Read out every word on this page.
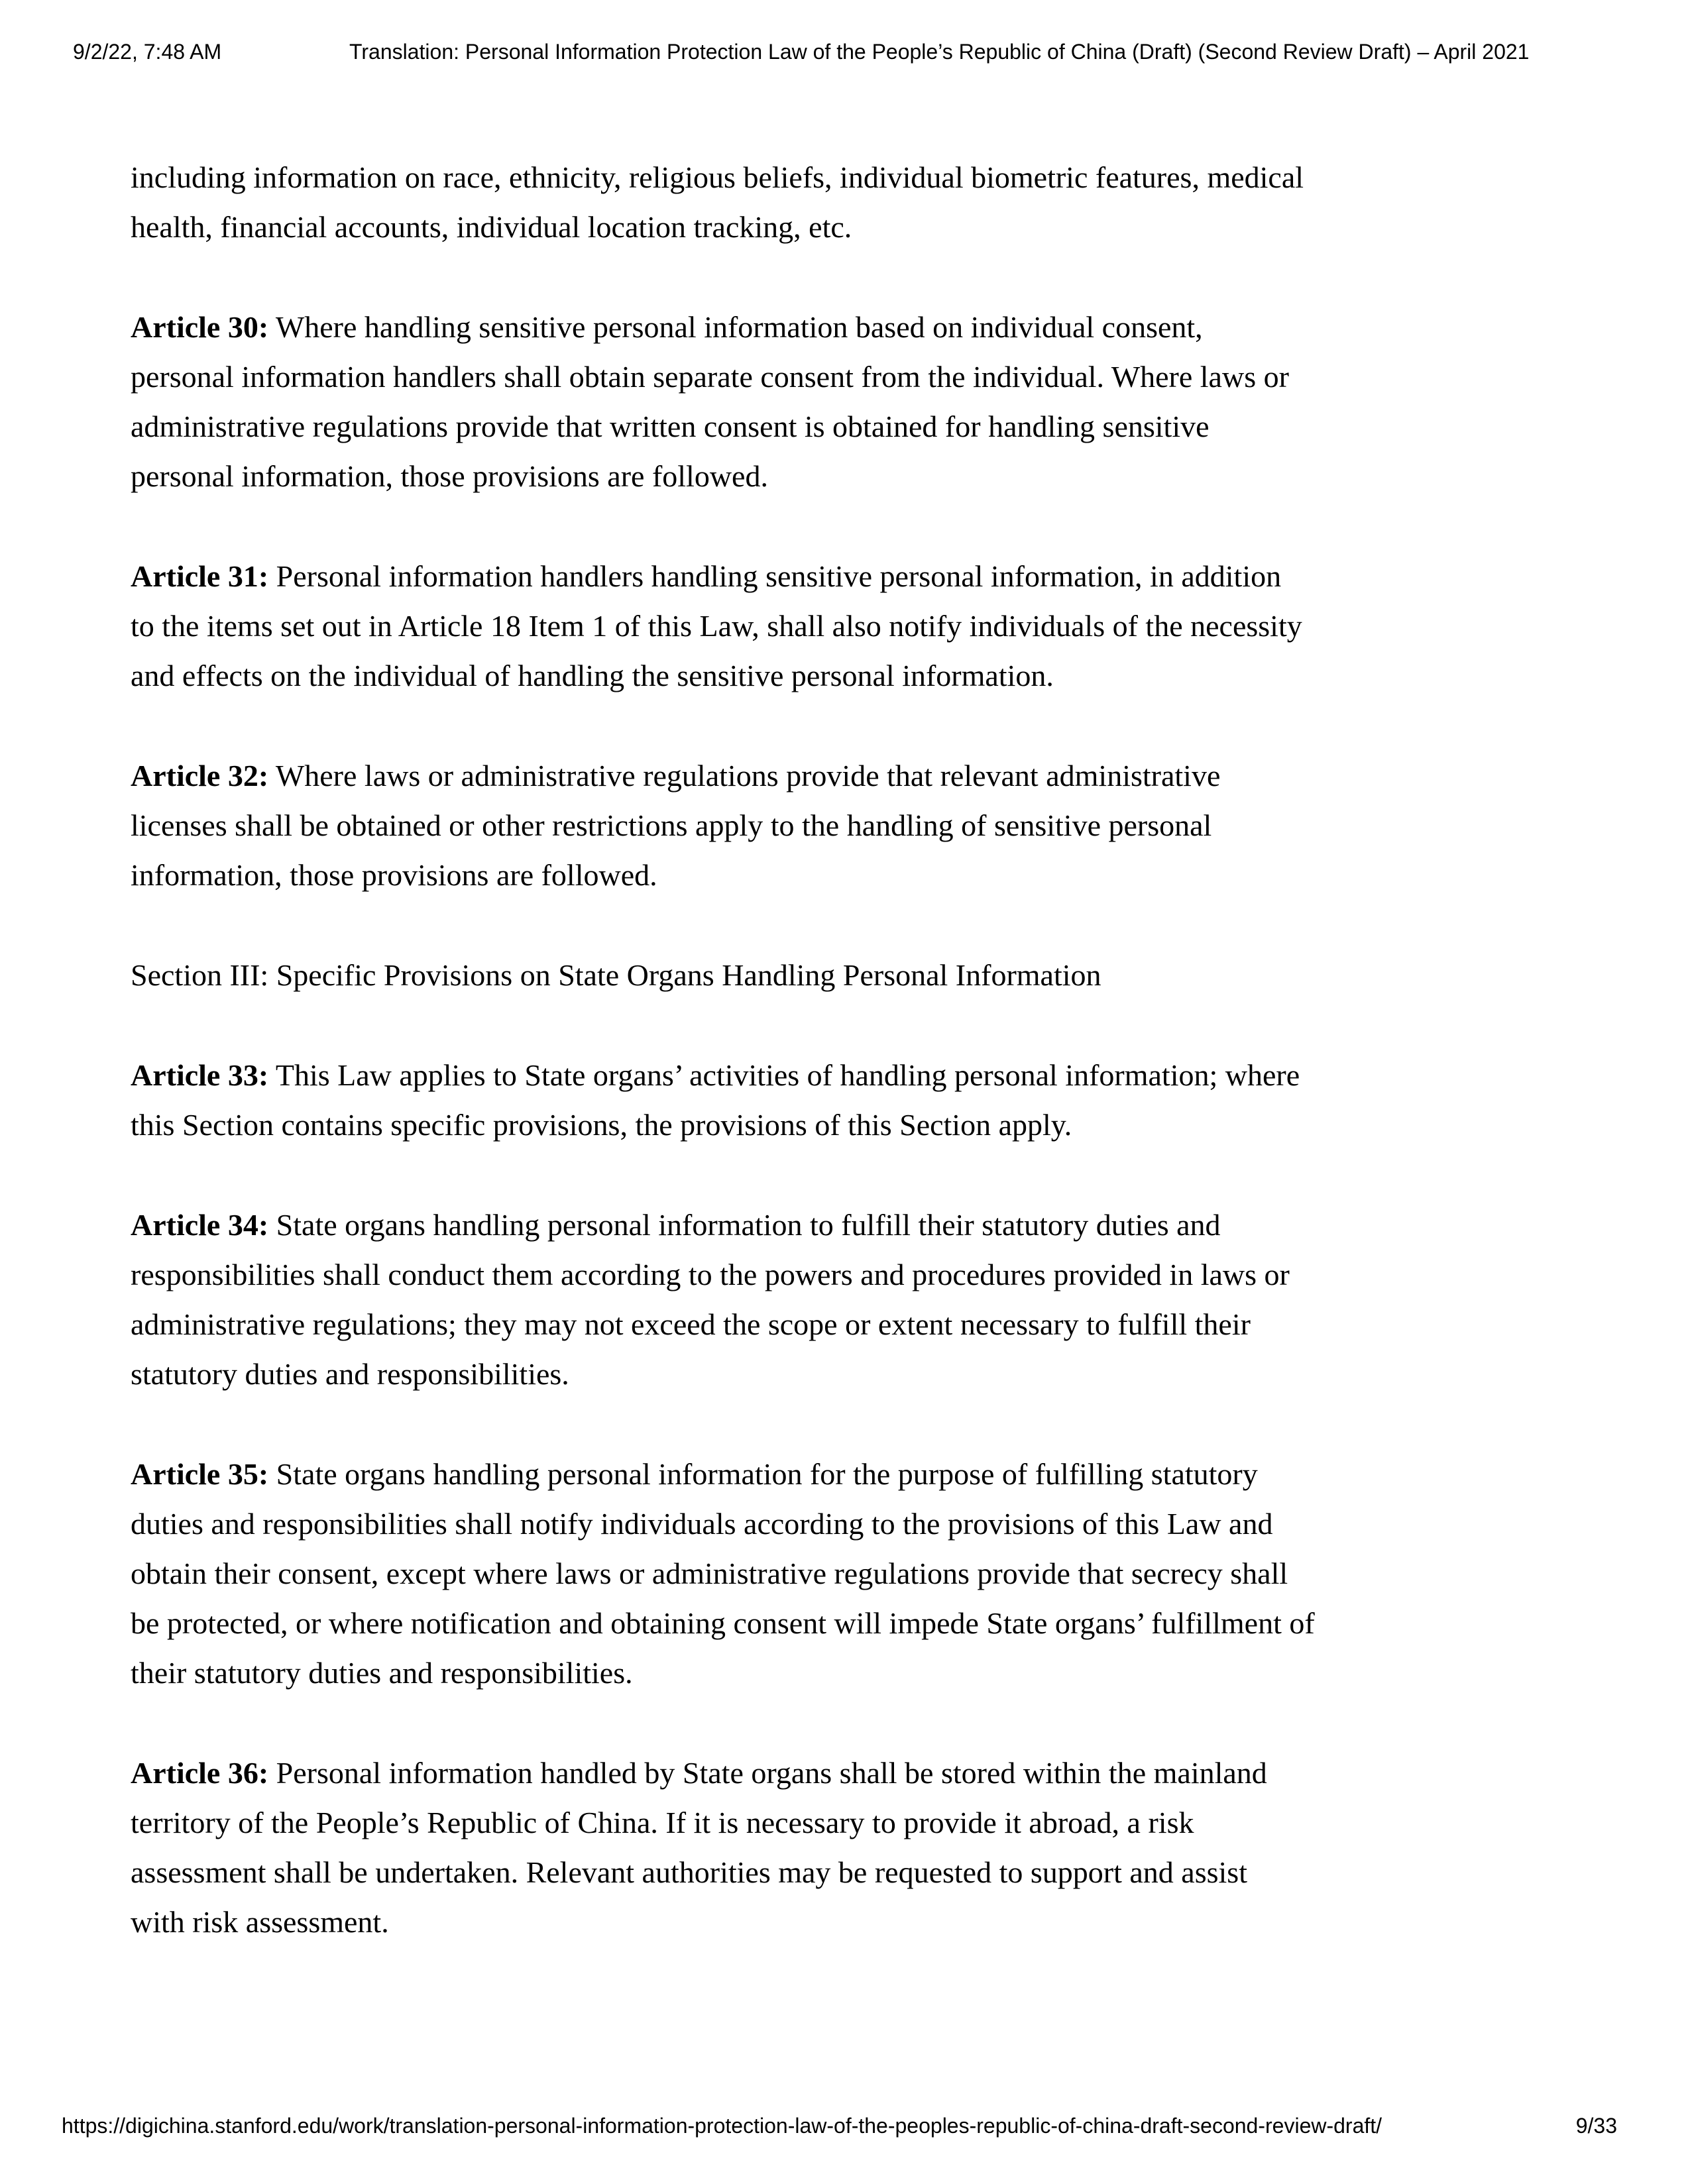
9/2/22, 7:48 AM	Translation: Personal Information Protection Law of the People’s Republic of China (Draft) (Second Review Draft) – April 2021

including information on race, ethnicity, religious beliefs, individual biometric features, medical
health, financial accounts, individual location tracking, etc.

Article 30: Where handling sensitive personal information based on individual consent,
personal information handlers shall obtain separate consent from the individual. Where laws or
administrative regulations provide that written consent is obtained for handling sensitive
personal information, those provisions are followed.

Article 31: Personal information handlers handling sensitive personal information, in addition
to the items set out in Article 18 Item 1 of this Law, shall also notify individuals of the necessity
and effects on the individual of handling the sensitive personal information.

Article 32: Where laws or administrative regulations provide that relevant administrative
licenses shall be obtained or other restrictions apply to the handling of sensitive personal
information, those provisions are followed.

Section III: Specific Provisions on State Organs Handling Personal Information

Article 33: This Law applies to State organs’ activities of handling personal information; where
this Section contains specific provisions, the provisions of this Section apply.

Article 34: State organs handling personal information to fulfill their statutory duties and
responsibilities shall conduct them according to the powers and procedures provided in laws or
administrative regulations; they may not exceed the scope or extent necessary to fulfill their
statutory duties and responsibilities.

Article 35: State organs handling personal information for the purpose of fulfilling statutory
duties and responsibilities shall notify individuals according to the provisions of this Law and
obtain their consent, except where laws or administrative regulations provide that secrecy shall
be protected, or where notification and obtaining consent will impede State organs’ fulfillment of
their statutory duties and responsibilities.

Article 36: Personal information handled by State organs shall be stored within the mainland
territory of the People’s Republic of China. If it is necessary to provide it abroad, a risk
assessment shall be undertaken. Relevant authorities may be requested to support and assist
with risk assessment.

https://digichina.stanford.edu/work/translation-personal-information-protection-law-of-the-peoples-republic-of-china-draft-second-review-draft/	9/33
